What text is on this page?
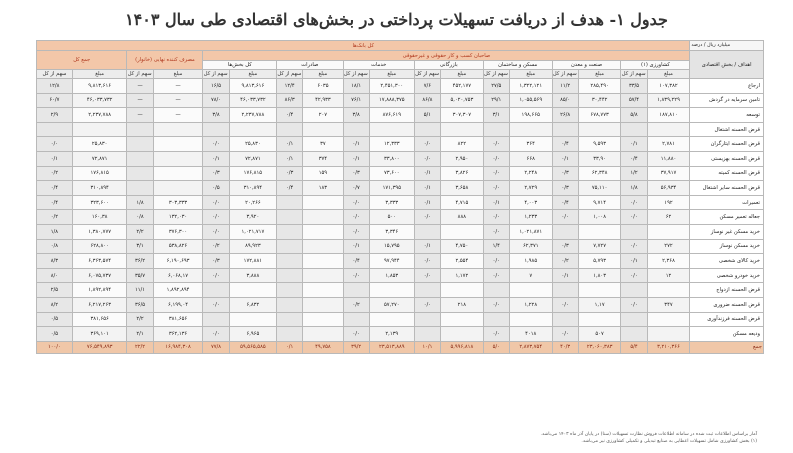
جدول ۱- هدف از دریافت تسهیلات پرداختی در بخش‌های اقتصادی طی سال ۱۴۰۳
میلیارد ریال / درصد	کل بانک‌ها																	
اهداف / بخش اقتصادی	صاحبان کسب و کار حقوقی و غیرحقوقی														مصرف کننده نهایی (خانوار)		جمع کل	
	کشاورزی (۱)		صنعت و معدن		مسکن و ساختمان		بازرگانی		خدمات		صادرات		کل بخش‌ها					
	مبلغ	سهم از کل	مبلغ	سهم از کل	مبلغ	سهم از کل	مبلغ	سهم از کل	مبلغ	سهم از کل	مبلغ	سهم از کل	مبلغ	سهم از کل	مبلغ	سهم از کل	مبلغ	سهم از کل
ارجاع	۱۰۷,۳۸۲	۳۳/۵	۲۸۵,۴۹۰	۱۱/۲	۱,۳۲۲,۱۲۱	۲۷/۵	۴۵۲,۱۷۷	۷/۶	۲,۴۵۱,۳۰۰	۱۸/۱	۶۰۳۵	۱۲/۴	۹,۸۱۳,۶۱۶	۱۶/۵	—	—	۹,۸۱۳,۶۱۶	۱۲/۸
تامین سرمایه در گردش	۱,۸۳۹,۲۲۹	۵۷/۴	۳۰,۴۴۲	۸۵/۰	۱,۰۵۵,۵۶۹	۲۹/۱	۵,۰۲۰,۷۵۳	۸۶/۸	۱۷,۸۸۸,۳۷۵	۷۶/۱	۴۲,۹۳۳	۸۶/۳	۴۶,۰۳۳,۷۳۲	۷۸/۰	—	—	۴۶,۰۳۳,۷۳۲	۶۰/۷
توسعه	۱۸۷,۸۱۰	۵/۸	۶۷۸,۷۷۳	۲۶/۸	۱۹۸,۶۶۵	۳/۱	۳۰۷,۳۰۷	۵/۱	۸۷۶,۶۱۹	۳/۸	۲۰۷	۰/۴	۲,۲۳۷,۷۸۸	۳/۸	—	—	۲,۲۳۷,۷۸۸	۲/۹
قرض الحسنه اشتغال																		
قرض الحسنه ایثارگران	۲,۷۸۱	۰/۱	۹,۵۹۳	۰/۴	۳۶۴	۰/۰	۸۲۲	۰/۰	۱۲,۳۳۳	۰/۱	۳۷	۰/۱	۲۵,۸۳۰	۰/۰			۲۵,۸۳۰	۰/۰
قرض الحسنه بهزیستی	۱۱,۸۸۰	۰/۴	۳۳,۹۰	۰/۱	۶۶۸	۰/۰	۲,۹۵۰	۰/۰	۳۳,۸۰۰	۰/۱	۳۷۴	۰/۱	۷۲,۸۷۱	۰/۱			۷۲,۸۷۱	۰/۱
قرض الحسنه کمیته	۳۷,۹۱۷	۱/۲	۶۲,۳۴۸	۰/۳	۲,۲۴۸	۰/۰	۳,۸۲۶	۰/۱	۷۳,۶۰۰	۰/۳	۱۵۹	۰/۳	۱۷۶,۸۱۵	۰/۳			۱۷۶,۸۱۵	۰/۲
قرض الحسنه سایر اشتغال	۵۶,۹۳۴	۱/۸	۷۵,۱۱۰	۰/۳	۲,۷۲۹	۰/۰	۳,۶۵۸	۰/۱	۱۷۱,۳۹۵	۰/۷	۱۸۳	۰/۴	۳۱۰,۸۹۴	۰/۵			۳۱۰,۸۹۴	۰/۴
تعمیرات	۱۹۲	۰/۰	۹,۷۱۴	۰/۴	۴,۰۰۳	۰/۱	۴,۷۱۵	۰/۱	۳,۳۳۳	۰/۰			۲۰,۲۶۶	۰/۰	۳۰۳,۳۳۳	۱/۸	۳۲۳,۶۰۰	۰/۴
جعاله تعمیر مسکن	۶۲	۰/۰	۱,۰۰۸	۰/۰	۱,۲۳۳	۰/۰	۸۸۸	۰/۰	۵۰۰	۰/۰			۳,۹۲۰	۰/۰	۱۳۲,۰۳۰	۰/۸	۱۶۰,۳۸	۰/۲
خرید مسکن غیر نوساز					۱,۰۲۱,۸۷۱	۰/۰			۳,۳۴۶	۰/۰			۱,۰۲۱,۷۱۷	۰/۰	۳۷۶,۳۰۰	۲/۲	۱,۳۸۰,۷۷۷	۱/۸
خرید مسکن نوساز	۲۷۲	۰/۰	۷,۷۲۷	۰/۳	۶۲,۳۷۱	۱/۴	۴,۷۵۰	۰/۱	۱۵,۷۹۵	۰/۱			۸۹,۹۲۳	۰/۲	۵۳۸,۸۲۶	۳/۱	۶۲۸,۸۰۰	۰/۸
خرید کالای شخصی	۲,۳۶۸	۰/۱	۵,۷۹۳	۰/۲	۱,۹۸۵	۰/۰	۲,۵۵۴	۰/۰	۹۷,۹۴۴	۰/۴			۱۷۲,۸۸۱	۰/۳	۶,۱۹۰,۶۹۳	۳۶/۲	۶,۳۶۳,۵۷۴	۸/۳
خرید خودرو شخصی	۱۲	۰/۰	۱,۸۰۳	۰/۱	۷	۰/۰	۱,۱۷۲	۰/۰	۱,۸۵۳	۰/۰			۳,۸۸۸	۰/۰	۶,۰۶۸,۱۷	۳۵/۷	۶,۰۷۵,۷۳۷	۸/۰
قرض الحسنه ازدواج															۱,۸۹۲,۸۹۴	۱۱/۱	۱,۸۹۲,۸۹۴	۲/۵
قرض الحسنه ضروری	۳۴۷	۰/۰	۱,۱۷	۰/۰	۱,۲۲۸	۰/۰	۲۱۸	۰/۰	۵۷,۲۷۰	۰/۲			۶,۸۳۲	۰/۰	۶,۱۹۹,۰۴	۳۶/۵	۶,۲۱۷,۲۶۳	۸/۲
قرض الحسنه فرزند‌آوری															۳۸۱,۶۵۶	۲/۲	۳۸۱,۶۵۶	۰/۵
ودیعه مسکن			۵۰۷	۰/۰	۴۰۱۸	۰/۰			۲,۱۳۹	۰/۰			۶,۹۶۵	۰/۰	۳۶۲,۱۳۶	۲/۱	۳۶۹,۱۰۱	۰/۵
جمع	۳,۲۱۰,۳۶۶	۵/۴	۲۳,۰۶۰,۳۸۳	۴۰/۳	۲,۸۷۳,۷۵۴	۵/۰	۵,۹۹۶,۸۱۸	۱۰/۱	۲۳,۵۱۳,۸۸۹	۳۹/۲	۴۹,۷۵۸	۰/۱	۵۹,۵۶۵,۵۸۵	۷۷/۸	۱۶,۹۸۴,۳۰۸	۲۲/۲	۷۶,۵۴۹,۸۹۳	۱۰۰/۰
آمار براساس اطلاعات ثبت شده در سامانه اطلاعات فروش نظارت تسهیلات (سنا) در پایان آذر ماه ۱۴۰۳ می‌باشد.
(۱) بخش کشاورزی شامل تسهیلات اعطایی به صنایع تبدیلی و تکمیلی کشاورزی نیز می‌باشد.
